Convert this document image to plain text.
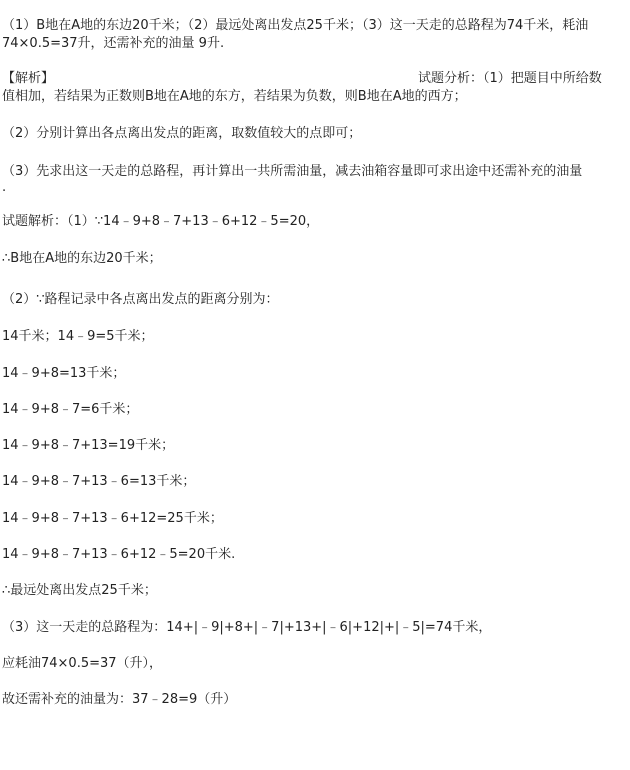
（1）B地在A地的东边20千米；（2）最远处离出发点25千米；（3）这一天走的总路程为74千米，耗油
74×0.5=37升，还需补充的油量 9升.
【解析】	试题分析：（1）把题目中所给数
值相加，若结果为正数则B地在A地的东方，若结果为负数，则B地在A地的西方；
（2）分别计算出各点离出发点的距离，取数值较大的点即可；
（3）先求出这一天走的总路程，再计算出一共所需油量，减去油箱容量即可求出途中还需补充的油量
.
试题解析：（1）∵14﹣9+8﹣7+13﹣6+12﹣5=20，
∴B地在A地的东边20千米；
（2）∵路程记录中各点离出发点的距离分别为：
14千米；14﹣9=5千米；
14﹣9+8=13千米；
14﹣9+8﹣7=6千米；
14﹣9+8﹣7+13=19千米；
14﹣9+8﹣7+13﹣6=13千米；
14﹣9+8﹣7+13﹣6+12=25千米；
14﹣9+8﹣7+13﹣6+12﹣5=20千米.
∴最远处离出发点25千米；
（3）这一天走的总路程为：14+|﹣9|+8+|﹣7|+13+|﹣6|+12|+|﹣5|=74千米，
应耗油74×0.5=37（升），
故还需补充的油量为：37﹣28=9（升）
